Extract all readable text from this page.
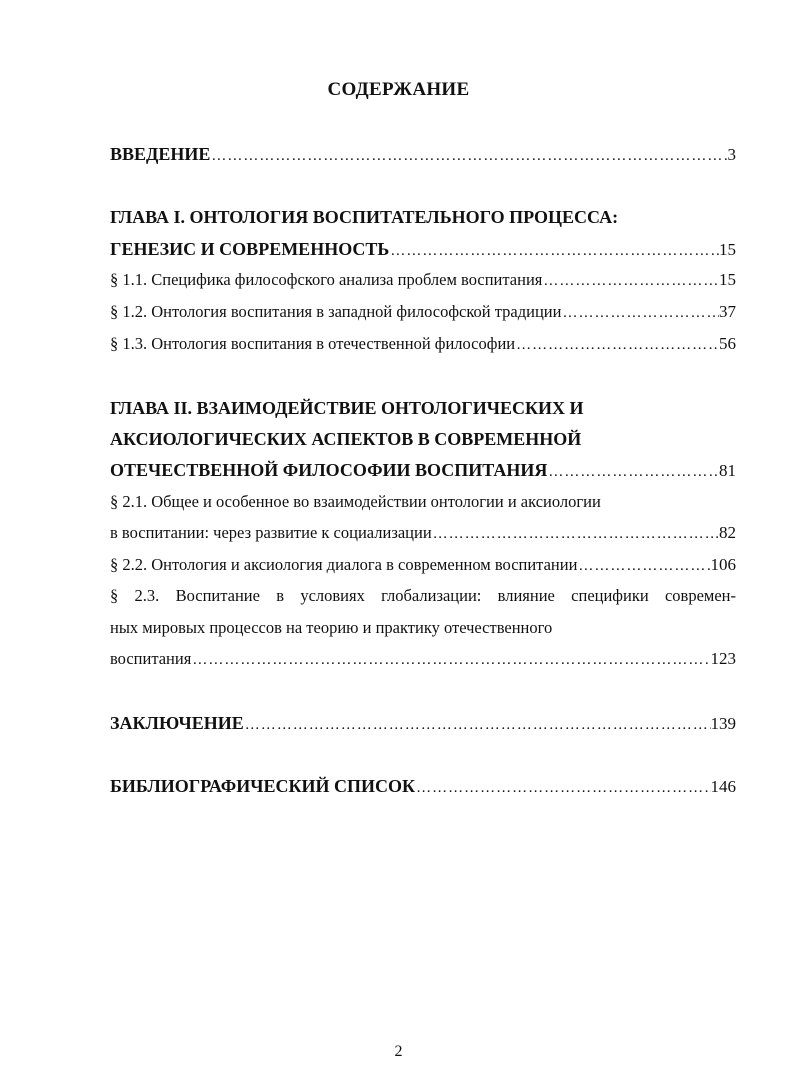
СОДЕРЖАНИЕ
ВВЕДЕНИЕ ……………………………………………………………………………………………………………………………………………………………………………………	3
ГЛАВА I. ОНТОЛОГИЯ ВОСПИТАТЕЛЬНОГО ПРОЦЕССА:
ГЕНЕЗИС И СОВРЕМЕННОСТЬ ……………………………………………………………………………………………………………………………………………………………………………………	15
§ 1.1. Специфика философского анализа проблем воспитания ……………………………………………………………………………………………………………………………………………………………………………………	15
§ 1.2. Онтология воспитания в западной философской традиции ……………………………………………………………………………………………………………………………………………………………………………………	37
§ 1.3. Онтология воспитания в отечественной философии ……………………………………………………………………………………………………………………………………………………………………………………	56
ГЛАВА II. ВЗАИМОДЕЙСТВИЕ ОНТОЛОГИЧЕСКИХ И
АКСИОЛОГИЧЕСКИХ АСПЕКТОВ В СОВРЕМЕННОЙ
ОТЕЧЕСТВЕННОЙ ФИЛОСОФИИ ВОСПИТАНИЯ ……………………………………………………………………………………………………………………………………………………………………………………	81
§ 2.1. Общее и особенное во взаимодействии онтологии и аксиологии
в воспитании: через развитие к социализации ……………………………………………………………………………………………………………………………………………………………………………………	82
§ 2.2. Онтология и аксиология диалога в современном воспитании ……………………………………………………………………………………………………………………………………………………………………………………	106
§ 2.3. Воспитание в условиях глобализации: влияние специфики современ-
ных мировых процессов на теорию и практику отечественного
воспитания ……………………………………………………………………………………………………………………………………………………………………………………	123
ЗАКЛЮЧЕНИЕ ……………………………………………………………………………………………………………………………………………………………………………………	139
БИБЛИОГРАФИЧЕСКИЙ СПИСОК ……………………………………………………………………………………………………………………………………………………………………………………	146
2
